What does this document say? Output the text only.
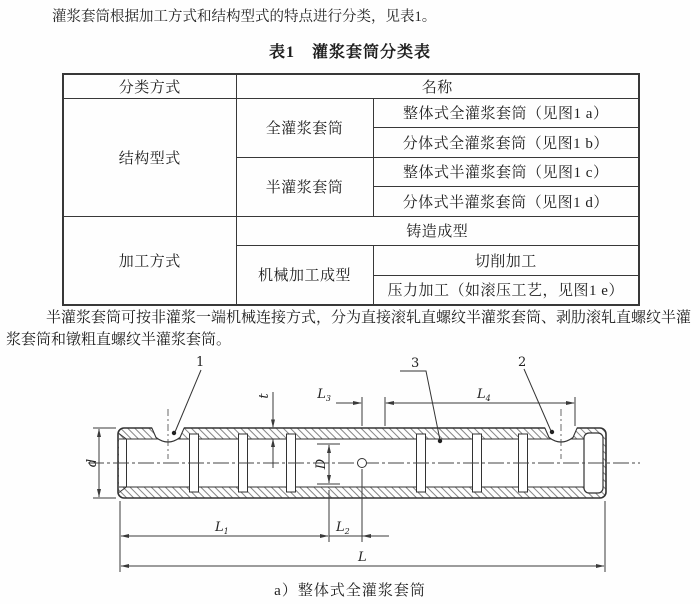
灌浆套筒根据加工方式和结构型式的特点进行分类，见表1。
表1　灌浆套筒分类表
分类方式	名称	
结构型式	全灌浆套筒	整体式全灌浆套筒（见图1 a）
		分体式全灌浆套筒（见图1 b）
	半灌浆套筒	整体式半灌浆套筒（见图1 c）
		分体式半灌浆套筒（见图1 d）
加工方式	铸造成型	
	机械加工成型	切削加工
		压力加工（如滚压工艺，见图1 e）
半灌浆套筒可按非灌浆一端机械连接方式，分为直接滚轧直螺纹半灌浆套筒、剥肋滚轧直螺纹半灌浆套筒和镦粗直螺纹半灌浆套筒。
d
t
D
$L_3$	$L_4$
1	3	2
$L_1$	$L_2$
L
a）整体式全灌浆套筒
